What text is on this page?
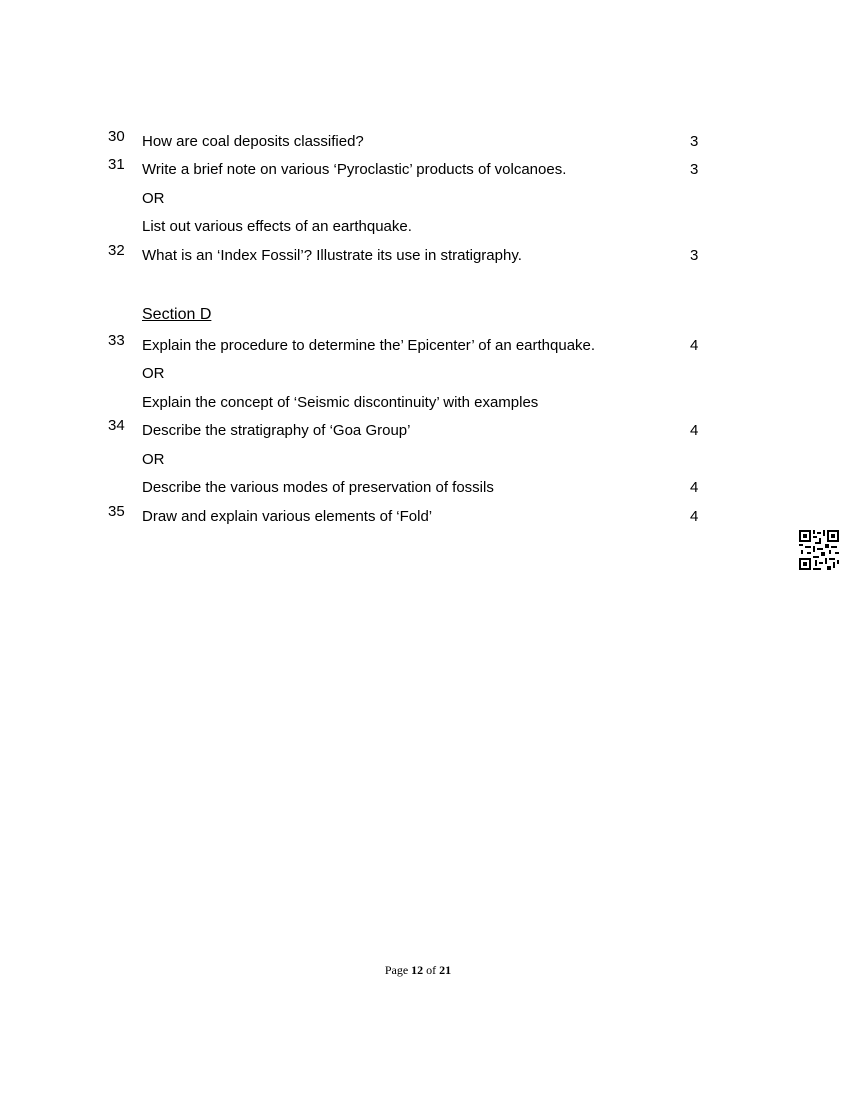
30 How are coal deposits classified?	3
31 Write a brief note on various ‘Pyroclastic’ products of volcanoes.	3
OR
List out various effects of an earthquake.
32 What is an ‘Index Fossil’? Illustrate its use in stratigraphy.	3
Section D
33 Explain the procedure to determine the’ Epicenter’ of an earthquake.	4
OR
Explain the concept of ‘Seismic discontinuity’ with examples
34 Describe the stratigraphy of ‘Goa Group’	4
OR
Describe the various modes of preservation of fossils	4
35 Draw and explain various elements of ‘Fold’	4
Page 12 of 21
